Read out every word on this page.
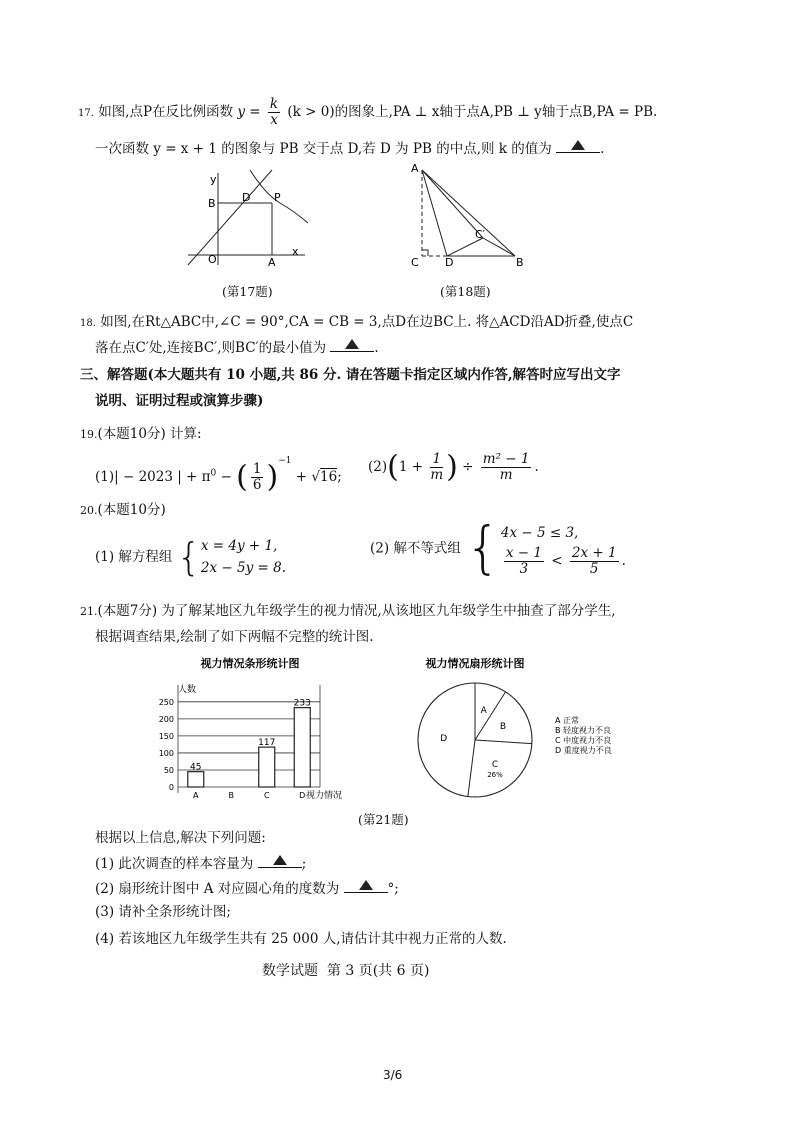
17. 如图,点P在反比例函数 $y = \frac{k}{x} (k > 0)$的图象上,PA ⊥ x轴于点A,PB ⊥ y轴于点B,PA = PB.
一次函数 y = x + 1 的图象与 PB 交于点 D,若 D 为 PB 的中点,则 k 的值为	.
y
x
O	A
B D P
(第17题)
A
C D	B
C′
(第18题)
18. 如图,在Rt△ABC中,∠C = 90°,CA = CB = 3,点D在边BC上. 将△ACD沿AD折叠,使点C
落在点C′处,连接BC′,则BC′的最小值为	.
三、解答题(本大题共有 10 小题,共 86 分. 请在答题卡指定区域内作答,解答时应写出文字
说明、证明过程或演算步骤)
19.(本题10分) 计算:
(1)| − 2023 | + $\pi^0$ − ( $\frac{1}{6} )^{-1} + √16$;
$(2)(1 + \frac{1}{m}$ ) ÷ $\frac{\text{m² − 1}}{m}$ .
20.(本题10分)
(1) 解方程组 { x = 4y + 1,
2x − 5y = 8.
(2) 解不等式组 { 4x − 5 ≤ 3,
$\frac{x - 1}{3} < \frac{2x + 1}{5}$ .
21.(本题7分) 为了解某地区九年级学生的视力情况,从该地区九年级学生中抽查了部分学生,
根据调查结果,绘制了如下两幅不完整的统计图.
视力情况条形统计图
人数
0
50
100
150
200
250
45
A	B
117
C
233
D 视力情况
视力情况扇形统计图
A
B
C
26%
D
A 正常
B 轻度视力不良
C 中度视力不良
D 重度视力不良
(第21题)
根据以上信息,解决下列问题:
(1) 此次调查的样本容量为	;
(2) 扇形统计图中 A 对应圆心角的度数为	°;
(3) 请补全条形统计图;
(4) 若该地区九年级学生共有 25 000 人,请估计其中视力正常的人数.
数学试题 第 3 页(共 6 页)
3/6
